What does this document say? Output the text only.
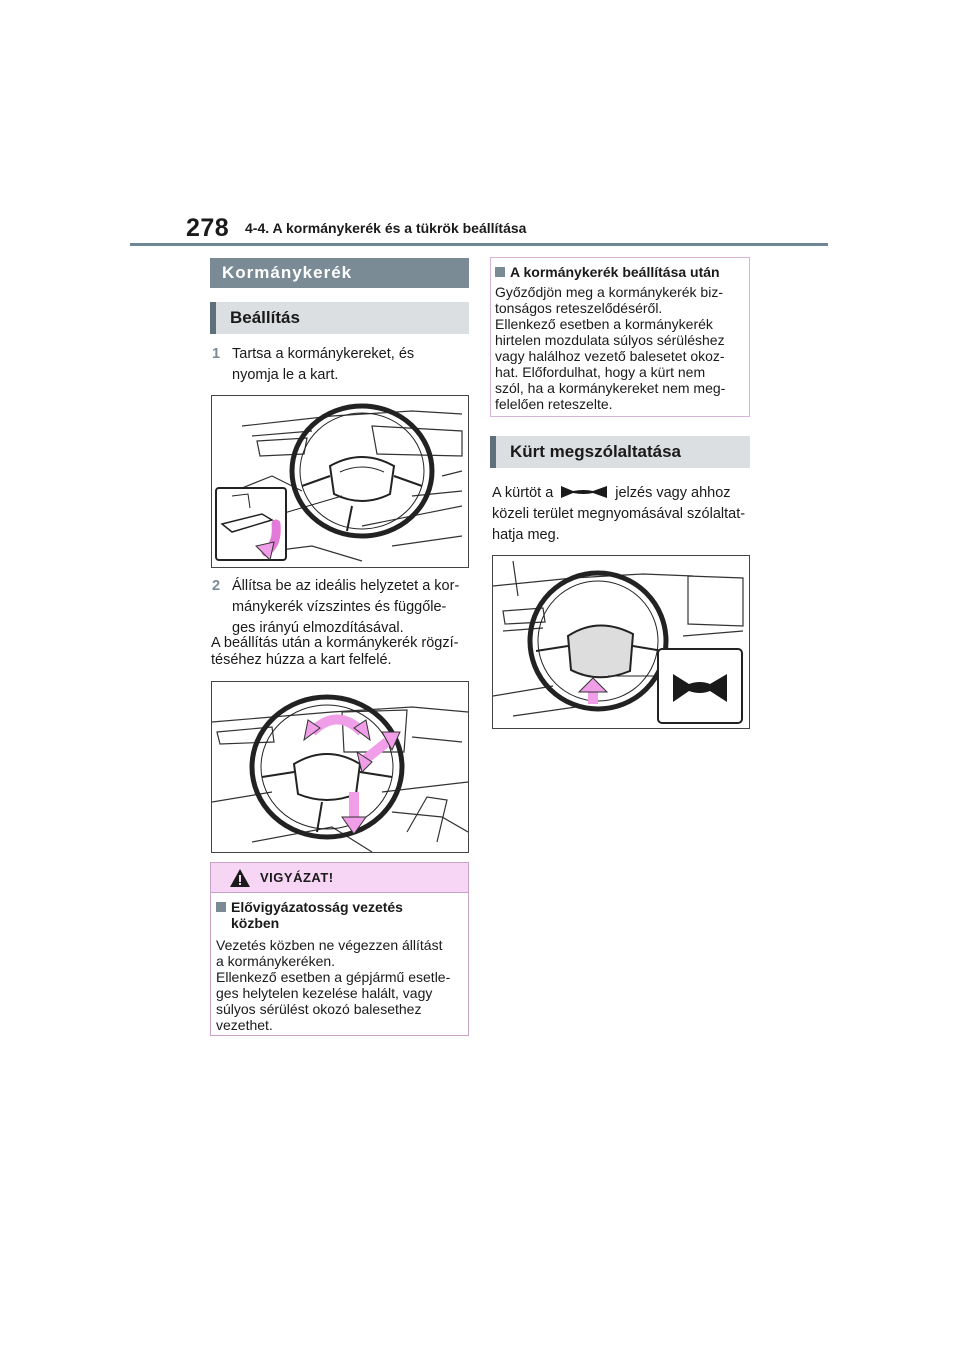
278 4-4. A kormánykerék és a tükrök beállítása
Kormánykerék
Beállítás
1 Tartsa a kormánykereket, és
nyomja le a kart.
2 Állítsa be az ideális helyzetet a kor-
mánykerék vízszintes és függőle-
ges irányú elmozdításával.
A beállítás után a kormánykerék rögzí-
téséhez húzza a kart felfelé.
VIGYÁZAT!
Elővigyázatosság vezetés
közben
Vezetés közben ne végezzen állítást
a kormánykeréken.
Ellenkező esetben a gépjármű esetle-
ges helytelen kezelése halált, vagy
súlyos sérülést okozó balesethez
vezethet.
A kormánykerék beállítása után
Győződjön meg a kormánykerék biz-
tonságos reteszelődéséről.
Ellenkező esetben a kormánykerék
hirtelen mozdulata súlyos sérüléshez
vagy halálhoz vezető balesetet okoz-
hat. Előfordulhat, hogy a kürt nem
szól, ha a kormánykereket nem meg-
felelően reteszelte.
Kürt megszólaltatása
A kürtöt a	jelzés vagy ahhoz
közeli terület megnyomásával szólaltat-
hatja meg.
